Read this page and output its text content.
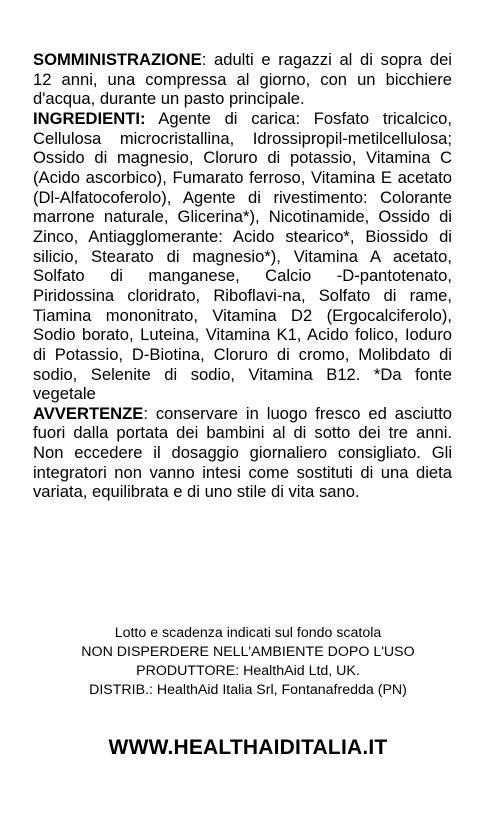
SOMMINISTRAZIONE: adulti e ragazzi al di sopra dei 12 anni, una compressa al giorno, con un bicchiere d'acqua, durante un pasto principale.

INGREDIENTI: Agente di carica: Fosfato tricalcico, Cellulosa microcristallina, Idrossipropil-metilcellulosa; Ossido di magnesio, Cloruro di potassio, Vitamina C (Acido ascorbico), Fumarato ferroso, Vitamina E acetato (Dl-Alfatocoferolo), Agente di rivestimento: Colorante marrone naturale, Glicerina*), Nicotinamide, Ossido di Zinco, Antiagglomerante: Acido stearico*, Biossido di silicio, Stearato di magnesio*), Vitamina A acetato, Solfato di manganese, Calcio -D-pantotenato, Piridossina cloridrato, Riboflavi-na, Solfato di rame, Tiamina mononitrato, Vitamina D2 (Ergocalciferolo), Sodio borato, Luteina, Vitamina K1, Acido folico, Ioduro di Potassio, D-Biotina, Cloruro di cromo, Molibdato di sodio, Selenite di sodio, Vitamina B12. *Da fonte vegetale

AVVERTENZE: conservare in luogo fresco ed asciutto fuori dalla portata dei bambini al di sotto dei tre anni. Non eccedere il dosaggio giornaliero consigliato. Gli integratori non vanno intesi come sostituti di una dieta variata, equilibrata e di uno stile di vita sano.

Lotto e scadenza indicati sul fondo scatola
NON DISPERDERE NELL'AMBIENTE DOPO L'USO
PRODUTTORE: HealthAid Ltd, UK.
DISTRIB.: HealthAid Italia Srl, Fontanafredda (PN)
WWW.HEALTHAIDITALIA.IT
